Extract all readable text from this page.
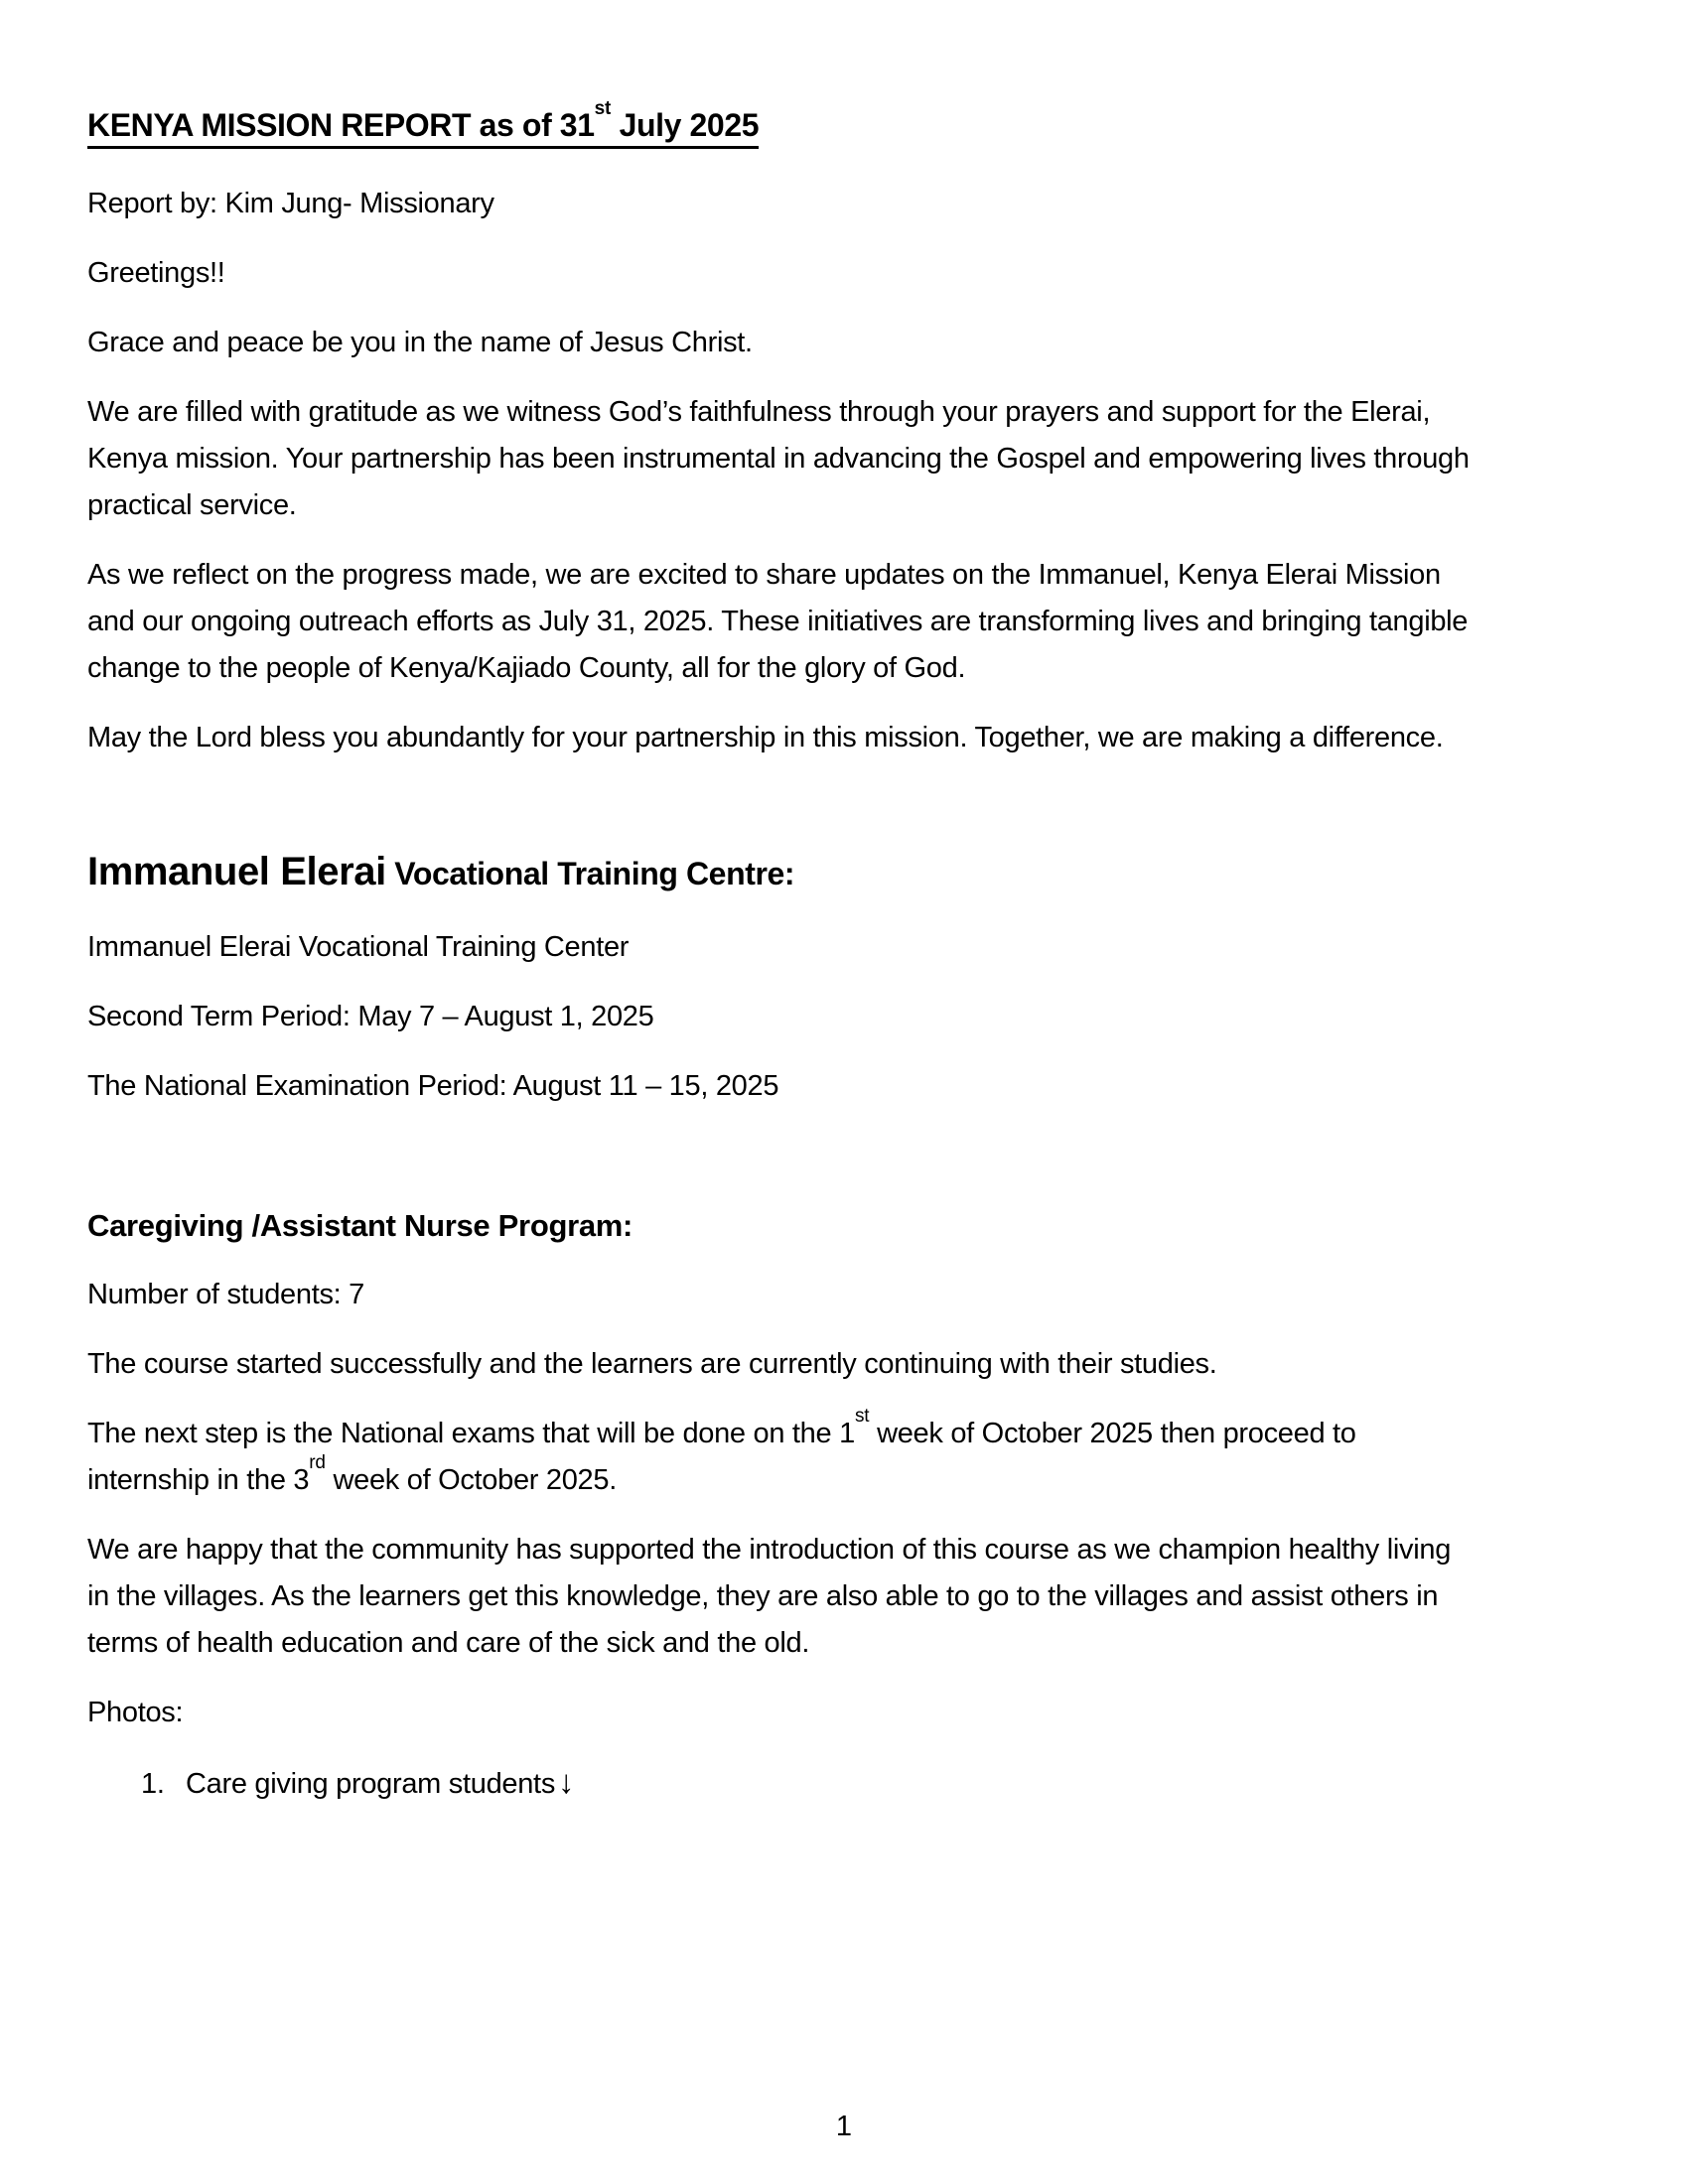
KENYA MISSION REPORT as of 31st July 2025

Report by: Kim Jung- Missionary

Greetings!!

Grace and peace be you in the name of Jesus Christ.

We are filled with gratitude as we witness God’s faithfulness through your prayers and support for the Elerai,
Kenya mission. Your partnership has been instrumental in advancing the Gospel and empowering lives through
practical service.

As we reflect on the progress made, we are excited to share updates on the Immanuel, Kenya Elerai Mission
and our ongoing outreach efforts as July 31, 2025. These initiatives are transforming lives and bringing tangible
change to the people of Kenya/Kajiado County, all for the glory of God.

May the Lord bless you abundantly for your partnership in this mission. Together, we are making a difference.

Immanuel Elerai Vocational Training Centre:

Immanuel Elerai Vocational Training Center

Second Term Period: May 7 – August 1, 2025

The National Examination Period: August 11 – 15, 2025

Caregiving /Assistant Nurse Program:

Number of students: 7

The course started successfully and the learners are currently continuing with their studies.

The next step is the National exams that will be done on the 1st week of October 2025 then proceed to
internship in the 3rd week of October 2025.

We are happy that the community has supported the introduction of this course as we champion healthy living
in the villages. As the learners get this knowledge, they are also able to go to the villages and assist others in
terms of health education and care of the sick and the old.

Photos:

1. Care giving program students↓
1
